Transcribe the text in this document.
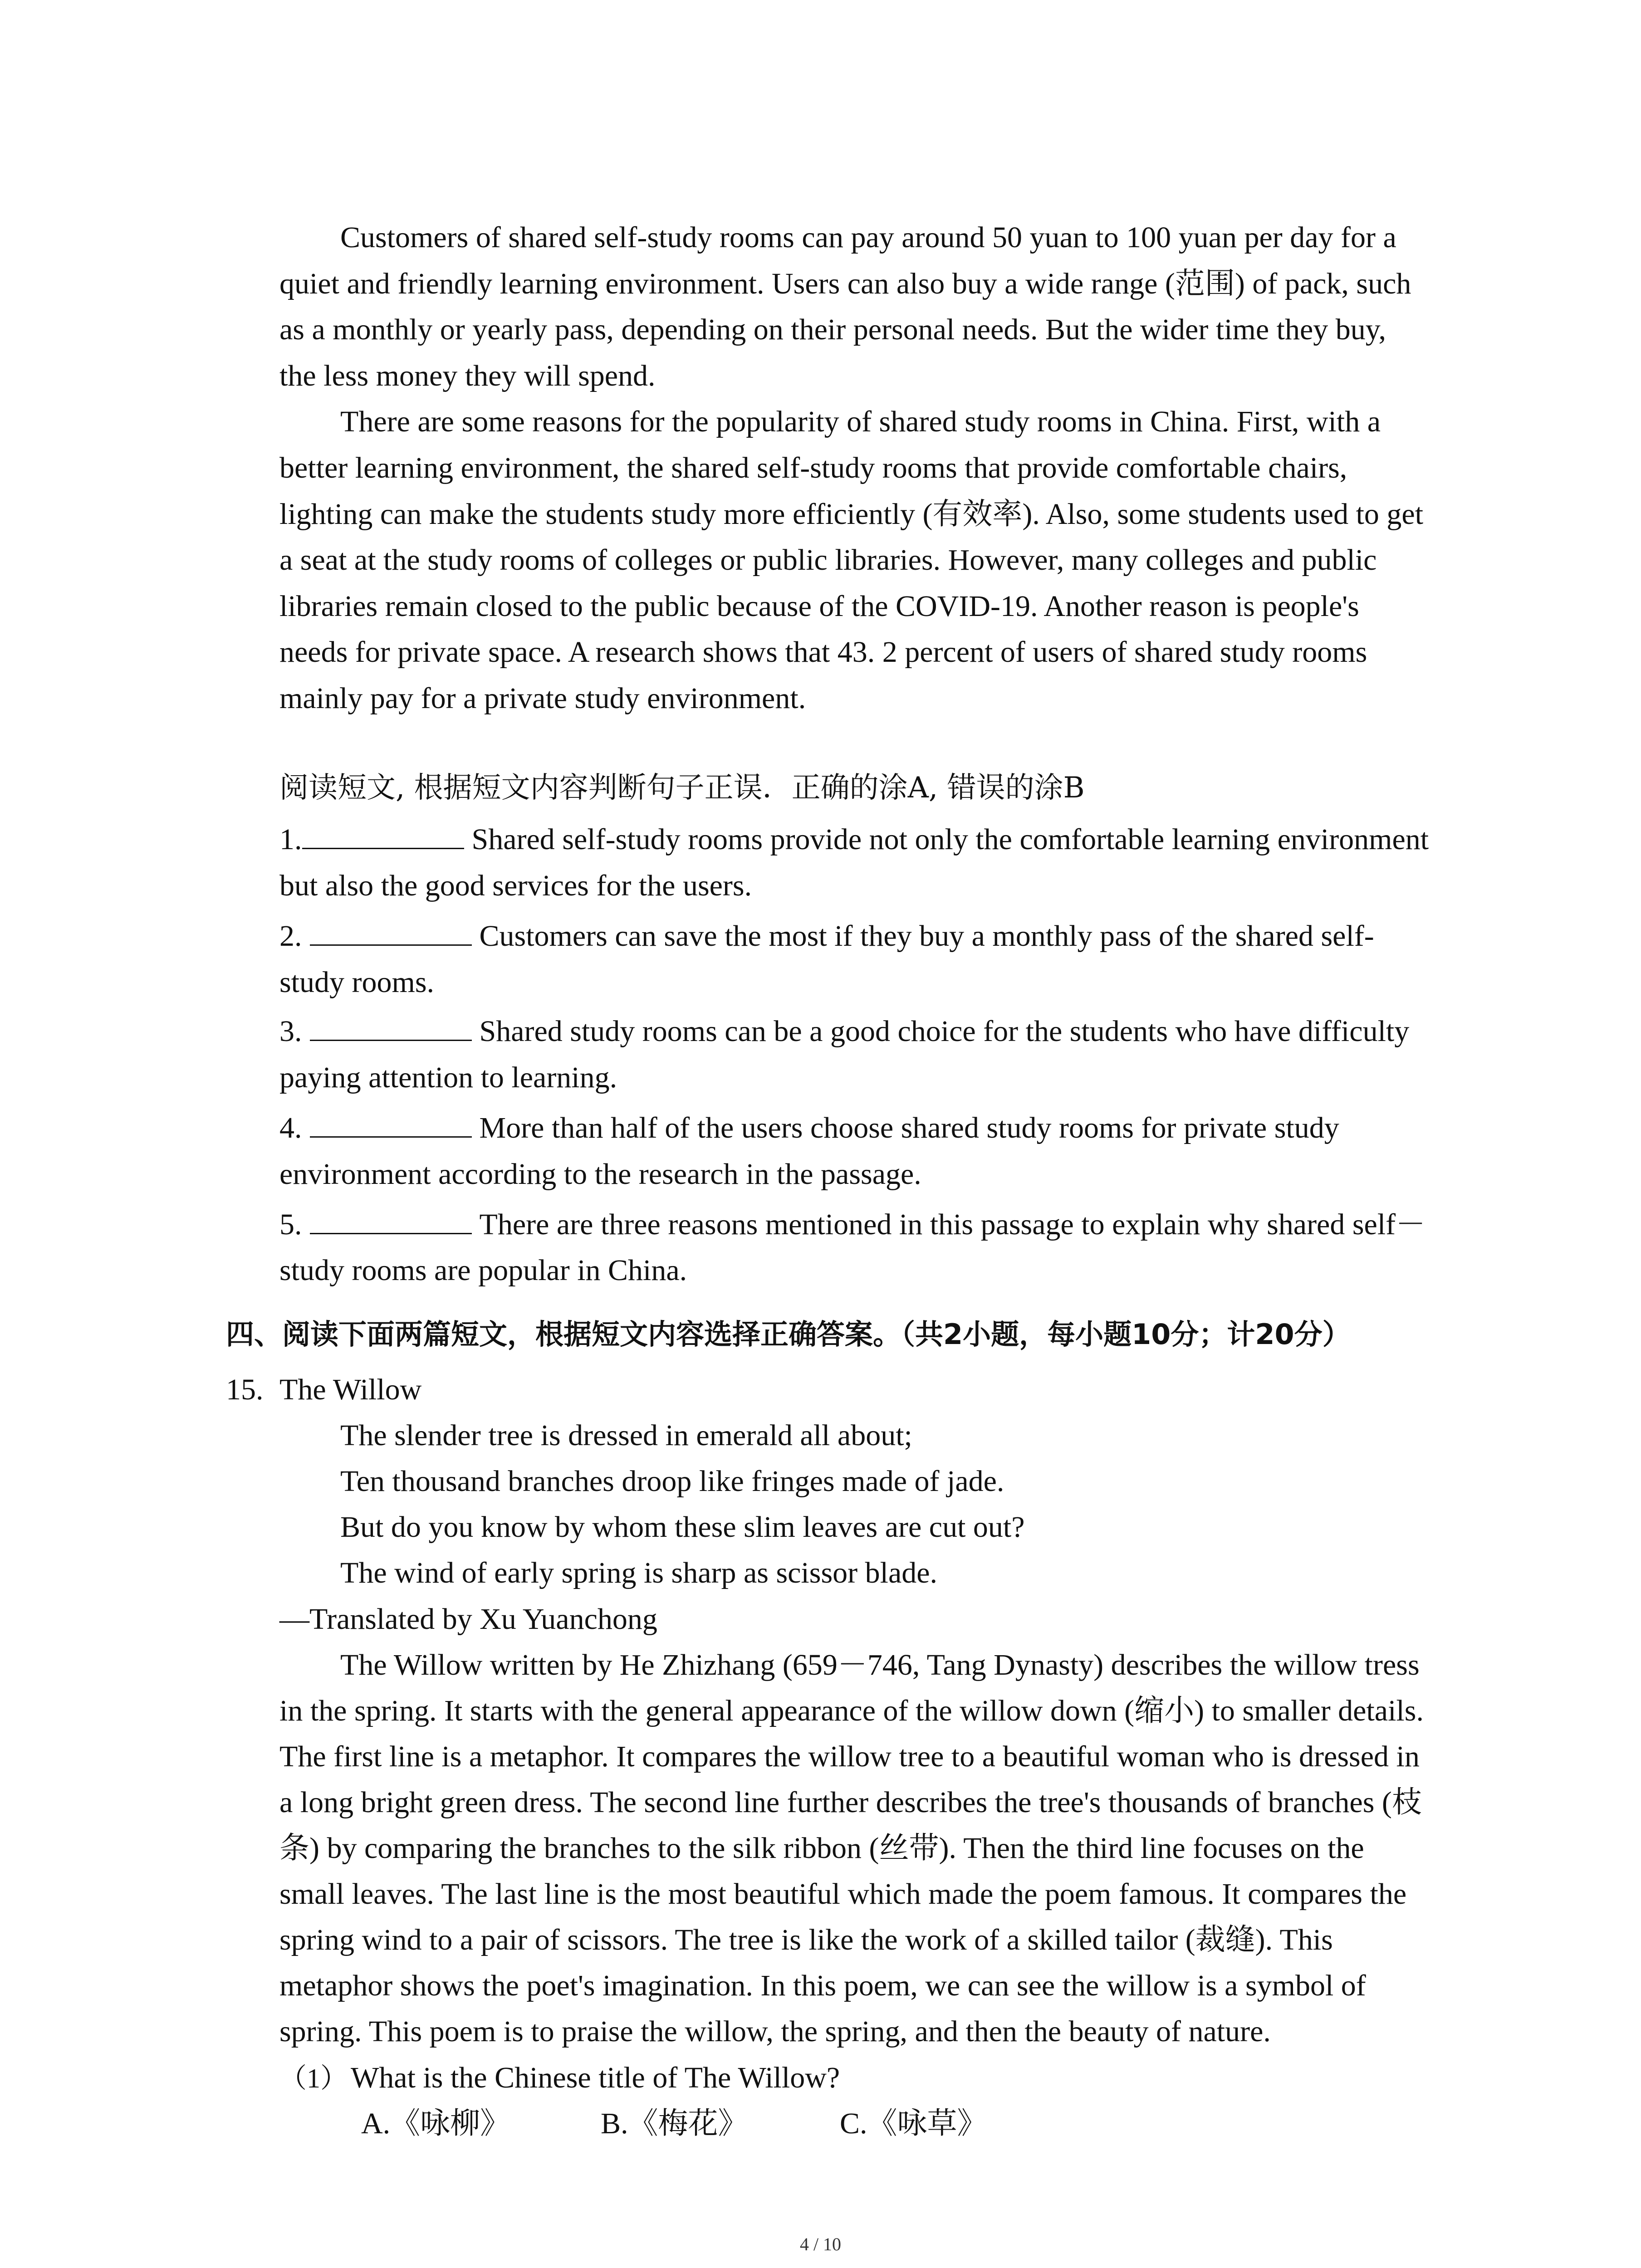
Customers of shared self-study rooms can pay around 50 yuan to 100 yuan per day for a
quiet and friendly learning environment. Users can also buy a wide range (范围) of pack, such
as a monthly or yearly pass, depending on their personal needs. But the wider time they buy,
the less money they will spend.
There are some reasons for the popularity of shared study rooms in China. First, with a
better learning environment, the shared self-study rooms that provide comfortable chairs,
lighting can make the students study more efficiently (有效率). Also, some students used to get
a seat at the study rooms of colleges or public libraries. However, many colleges and public
libraries remain closed to the public because of the COVID-19. Another reason is people's
needs for private space. A research shows that 43. 2 percent of users of shared study rooms
mainly pay for a private study environment.
阅读短文, 根据短文内容判断句子正误．正确的涂A, 错误的涂B
1.	Shared self-study rooms provide not only the comfortable learning environment
but also the good services for the users.
2.	Customers can save the most if they buy a monthly pass of the shared self-
study rooms.
3.	Shared study rooms can be a good choice for the students who have difficulty
paying attention to learning.
4.	More than half of the users choose shared study rooms for private study
environment according to the research in the passage.
5.	There are three reasons mentioned in this passage to explain why shared self－
study rooms are popular in China.
四、阅读下面两篇短文，根据短文内容选择正确答案。（共2小题，每小题10分；计20分）
15. The Willow
The slender tree is dressed in emerald all about;
Ten thousand branches droop like fringes made of jade.
But do you know by whom these slim leaves are cut out?
The wind of early spring is sharp as scissor blade.
—Translated by Xu Yuanchong
The Willow written by He Zhizhang (659－746, Tang Dynasty) describes the willow tress
in the spring. It starts with the general appearance of the willow down (缩小) to smaller details.
The first line is a metaphor. It compares the willow tree to a beautiful woman who is dressed in
a long bright green dress. The second line further describes the tree's thousands of branches (枝
条) by comparing the branches to the silk ribbon (丝带). Then the third line focuses on the
small leaves. The last line is the most beautiful which made the poem famous. It compares the
spring wind to a pair of scissors. The tree is like the work of a skilled tailor (裁缝). This
metaphor shows the poet's imagination. In this poem, we can see the willow is a symbol of
spring. This poem is to praise the willow, the spring, and then the beauty of nature.
（1） What is the Chinese title of The Willow?
A.《咏柳》	B.《梅花》	C.《咏草》
4 / 10
